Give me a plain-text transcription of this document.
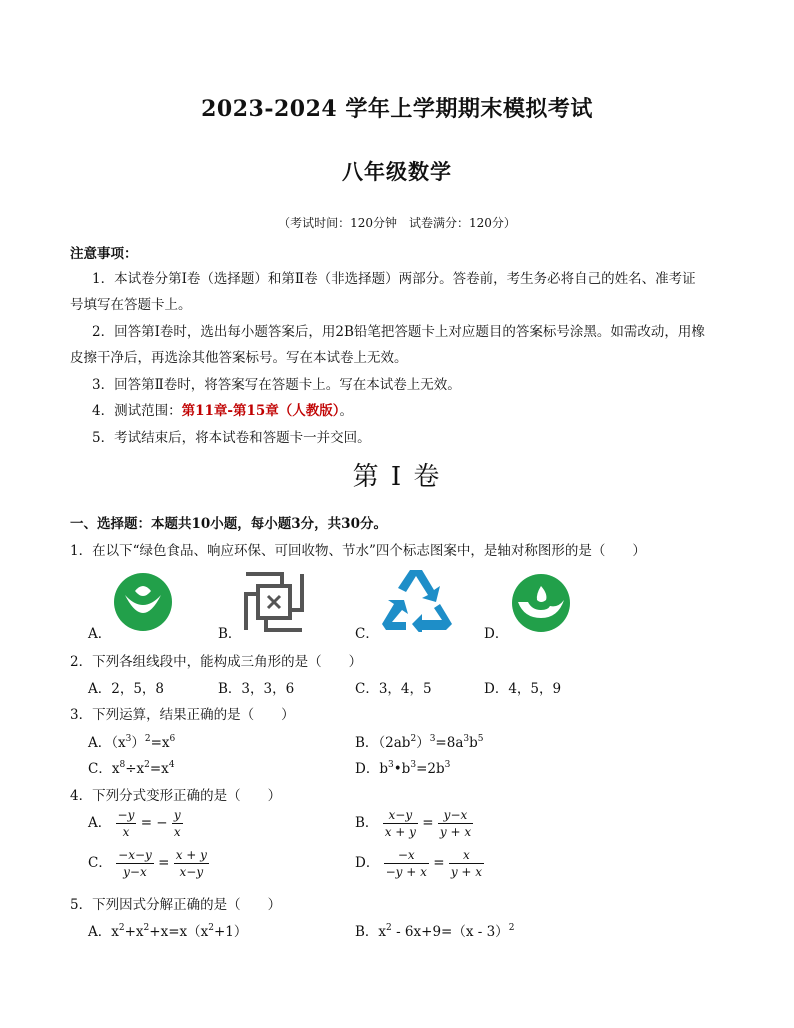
2023-2024 学年上学期期末模拟考试
八年级数学
（考试时间：120分钟　试卷满分：120分）
注意事项：
1．本试卷分第Ⅰ卷（选择题）和第Ⅱ卷（非选择题）两部分。答卷前，考生务必将自己的姓名、准考证
号填写在答题卡上。
2．回答第Ⅰ卷时，选出每小题答案后，用2B铅笔把答题卡上对应题目的答案标号涂黑。如需改动，用橡
皮擦干净后，再选涂其他答案标号。写在本试卷上无效。
3．回答第Ⅱ卷时，将答案写在答题卡上。写在本试卷上无效。
4．测试范围：第11章-第15章（人教版）。
5．考试结束后，将本试卷和答题卡一并交回。
第 I 卷
一、选择题：本题共10小题，每小题3分，共30分。
1．在以下“绿色食品、响应环保、可回收物、节水”四个标志图案中，是轴对称图形的是（　　）
A．	B．	C．	D．
2．下列各组线段中，能构成三角形的是（　　）
A．2，5，8	B．3，3，6	C．3，4，5	D．4，5，9
3．下列运算，结果正确的是（　　）
A．$(x^3)^2=x^6$	B．$(2ab^2)^3=8a^3b^5$
C．$x^8\div x^2=x^4$	D．$b^3•b^3=2b^3$
4．下列分式变形正确的是（　　）
A． $\frac{-y}{x}$ = − $\frac{y}{x}$	B． $\frac{x-y}{x + y} = \frac{y-x}{y + x}$
C． $\frac{-x-y}{y-x} = \frac{x + y}{x-y}$	D． $\frac{-x}{-y + x} = \frac{x}{y + x}$
5．下列因式分解正确的是（　　）
A．$x^2+x^2+x=x(x^2+1)$	B．$x^2 - 6x+9=(x - 3)^2$
